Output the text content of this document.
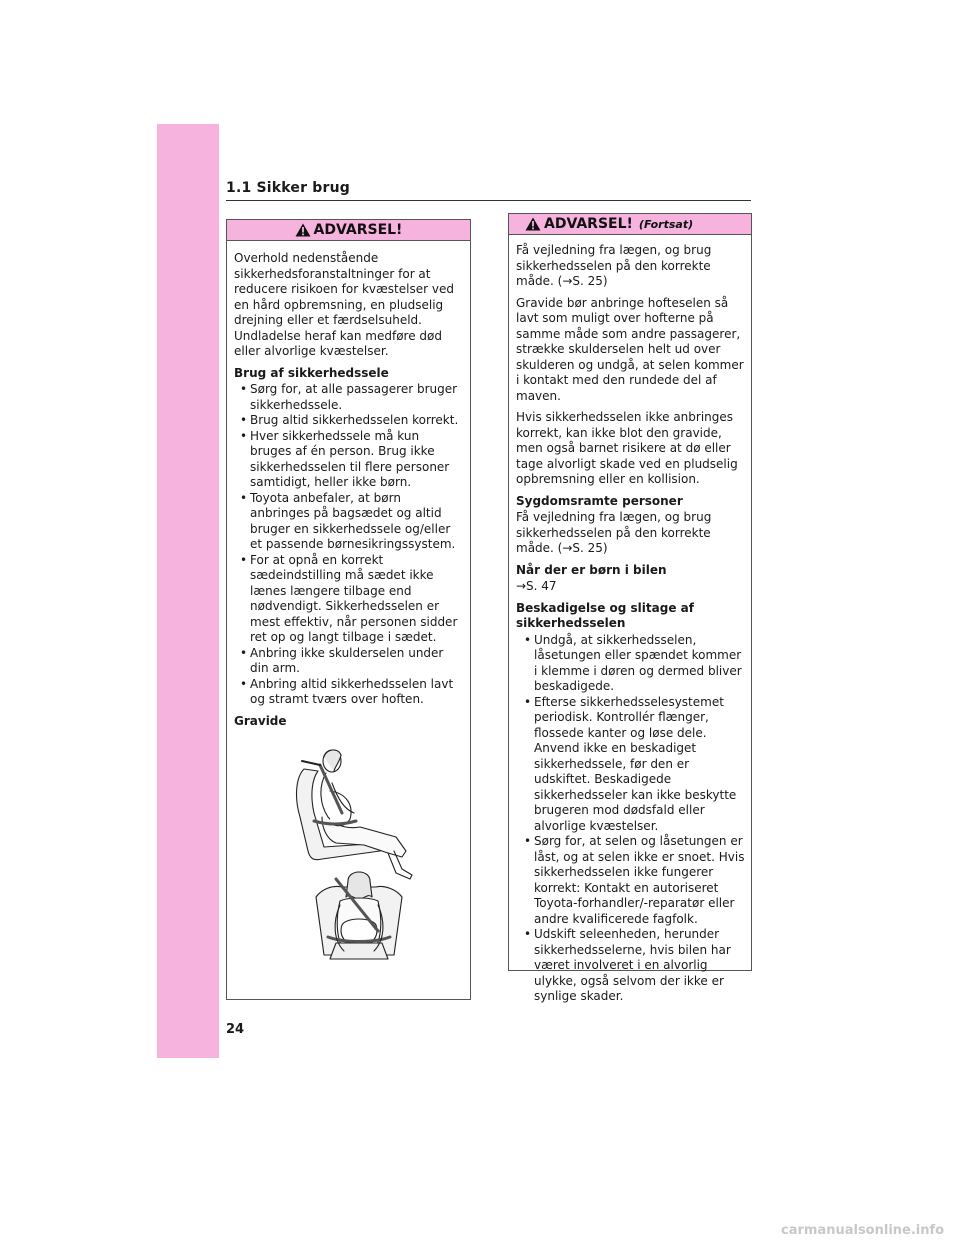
1.1 Sikker brug
ADVARSEL!

Overhold nedenstående sikkerhedsforanstaltninger for at reducere risikoen for kvæstelser ved en hård opbremsning, en pludselig drejning eller et færdselsuheld. Undladelse heraf kan medføre død eller alvorlige kvæstelser.

Brug af sikkerhedssele
• Sørg for, at alle passagerer bruger sikkerhedssele.
• Brug altid sikkerhedsselen korrekt.
• Hver sikkerhedssele må kun bruges af én person. Brug ikke sikkerhedsselen til flere personer samtidigt, heller ikke børn.
• Toyota anbefaler, at børn anbringes på bagsædet og altid bruger en sikkerhedssele og/eller et passende børnesikringssystem.
• For at opnå en korrekt sædeindstilling må sædet ikke lænes længere tilbage end nødvendigt. Sikkerhedsselen er mest effektiv, når personen sidder ret op og langt tilbage i sædet.
• Anbring ikke skulderselen under din arm.
• Anbring altid sikkerhedsselen lavt og stramt tværs over hoften.
Gravide
ADVARSEL! (Fortsat)

Få vejledning fra lægen, og brug sikkerhedsselen på den korrekte måde. (→S. 25)

Gravide bør anbringe hofteselen så lavt som muligt over hofterne på samme måde som andre passagerer, strække skulderselen helt ud over skulderen og undgå, at selen kommer i kontakt med den rundede del af maven.

Hvis sikkerhedsselen ikke anbringes korrekt, kan ikke blot den gravide, men også barnet risikere at dø eller tage alvorligt skade ved en pludselig opbremsning eller en kollision.

Sygdomsramte personer

Få vejledning fra lægen, og brug sikkerhedsselen på den korrekte måde. (→S. 25)

Når der er børn i bilen

→S. 47

Beskadigelse og slitage af sikkerhedsselen
• Undgå, at sikkerhedsselen, låsetungen eller spændet kommer i klemme i døren og dermed bliver beskadigede.
• Efterse sikkerhedsselesystemet periodisk. Kontrollér flænger, flossede kanter og løse dele. Anvend ikke en beskadiget sikkerhedssele, før den er udskiftet. Beskadigede sikkerhedsseler kan ikke beskytte brugeren mod dødsfald eller alvorlige kvæstelser.
• Sørg for, at selen og låsetungen er låst, og at selen ikke er snoet. Hvis sikkerhedsselen ikke fungerer korrekt: Kontakt en autoriseret Toyota-forhandler/-reparatør eller andre kvalificerede fagfolk.
• Udskift seleenheden, herunder sikkerhedsselerne, hvis bilen har været involveret i en alvorlig ulykke, også selvom der ikke er synlige skader.
24
carmanualsonline.info
